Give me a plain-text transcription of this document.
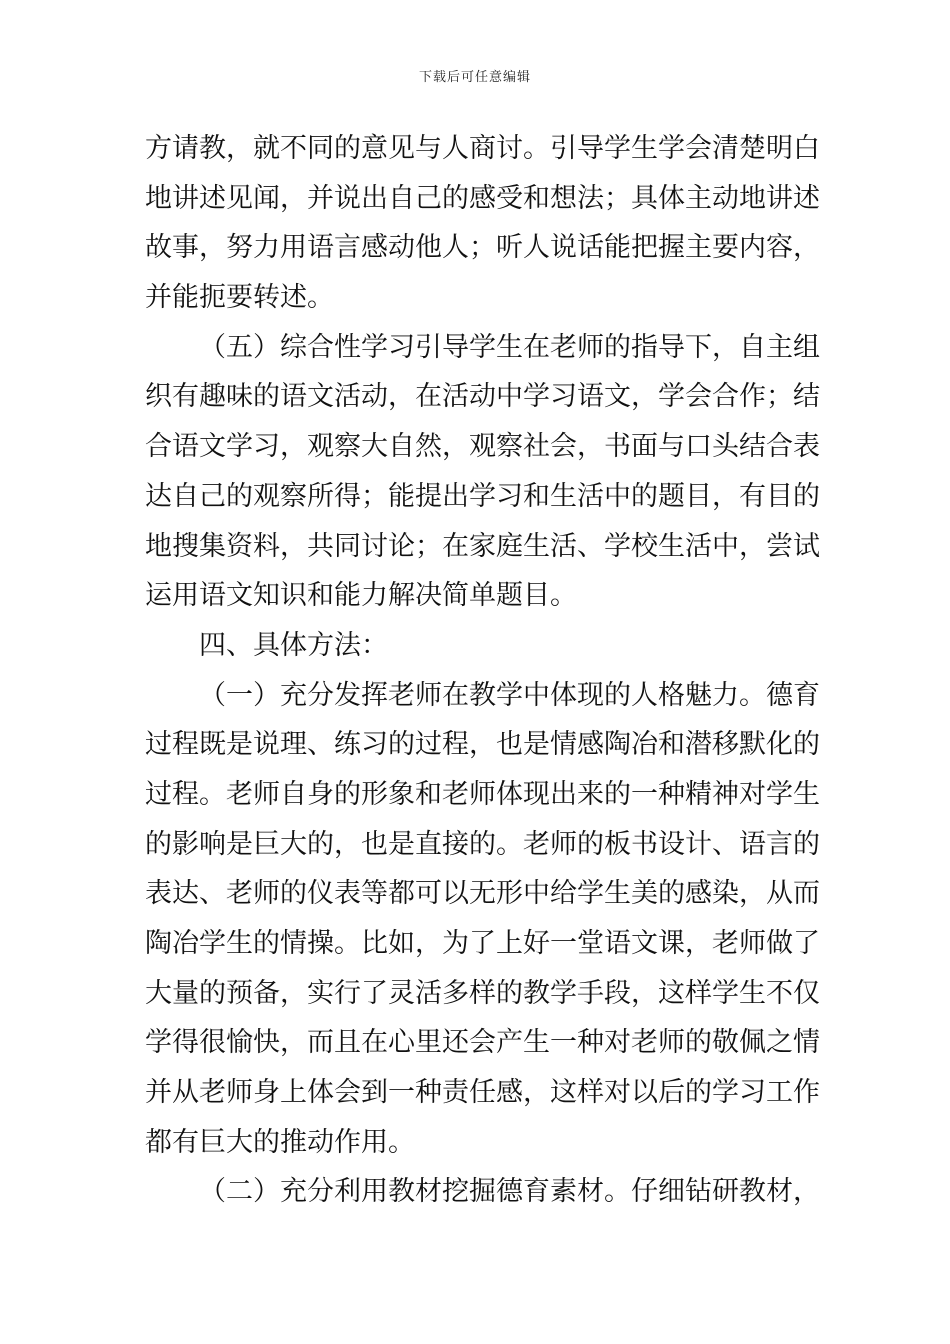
下载后可任意编辑
方请教，就不同的意见与人商讨。引导学生学会清楚明白
地讲述见闻，并说出自己的感受和想法；具体主动地讲述
故事，努力用语言感动他人；听人说话能把握主要内容，
并能扼要转述。
（五）综合性学习引导学生在老师的指导下，自主组
织有趣味的语文活动，在活动中学习语文，学会合作；结
合语文学习，观察大自然，观察社会，书面与口头结合表
达自己的观察所得；能提出学习和生活中的题目，有目的
地搜集资料，共同讨论；在家庭生活、学校生活中，尝试
运用语文知识和能力解决简单题目。
四、具体方法：
（一）充分发挥老师在教学中体现的人格魅力。德育
过程既是说理、练习的过程，也是情感陶冶和潜移默化的
过程。老师自身的形象和老师体现出来的一种精神对学生
的影响是巨大的，也是直接的。老师的板书设计、语言的
表达、老师的仪表等都可以无形中给学生美的感染，从而
陶冶学生的情操。比如，为了上好一堂语文课，老师做了
大量的预备，实行了灵活多样的教学手段，这样学生不仅
学得很愉快，而且在心里还会产生一种对老师的敬佩之情
并从老师身上体会到一种责任感，这样对以后的学习工作
都有巨大的推动作用。
（二）充分利用教材挖掘德育素材。仔细钻研教材，
